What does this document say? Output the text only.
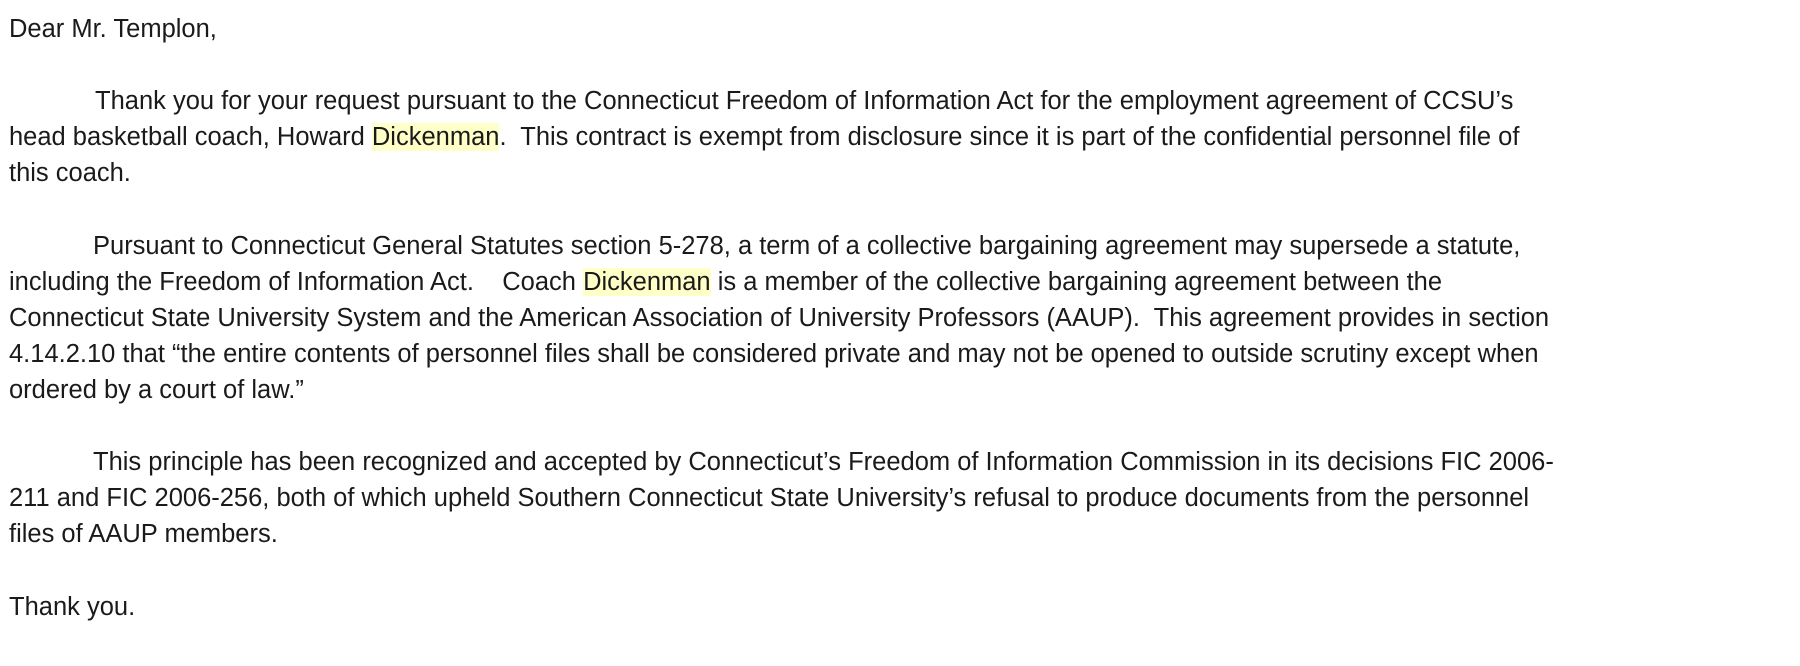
Dear Mr. Templon,

Thank you for your request pursuant to the Connecticut Freedom of Information Act for the employment agreement of CCSU’s
head basketball coach, Howard Dickenman.  This contract is exempt from disclosure since it is part of the confidential personnel file of
this coach.

Pursuant to Connecticut General Statutes section 5-278, a term of a collective bargaining agreement may supersede a statute,
including the Freedom of Information Act.    Coach Dickenman is a member of the collective bargaining agreement between the
Connecticut State University System and the American Association of University Professors (AAUP).  This agreement provides in section
4.14.2.10 that “the entire contents of personnel files shall be considered private and may not be opened to outside scrutiny except when
ordered by a court of law.”

This principle has been recognized and accepted by Connecticut’s Freedom of Information Commission in its decisions FIC 2006-
211 and FIC 2006-256, both of which upheld Southern Connecticut State University’s refusal to produce documents from the personnel
files of AAUP members.

Thank you.
